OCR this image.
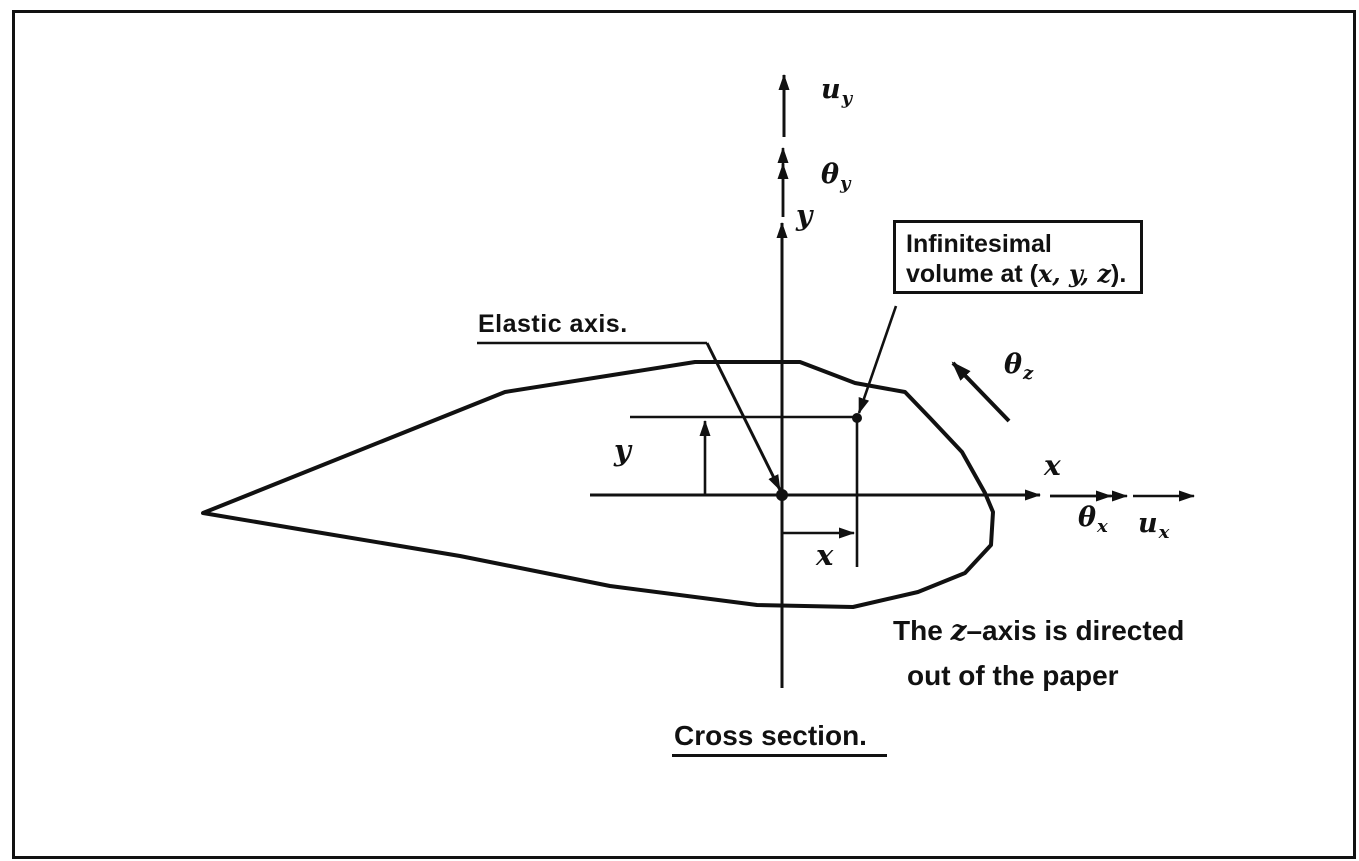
$u_y$
$\theta_y$
y
x
$\theta_x$ $u_x$
$\theta_z$
y
x
Elastic axis.
Infinitesimal
volume at (x, y, z).
The z–axis is directed
out of the paper
Cross section.
